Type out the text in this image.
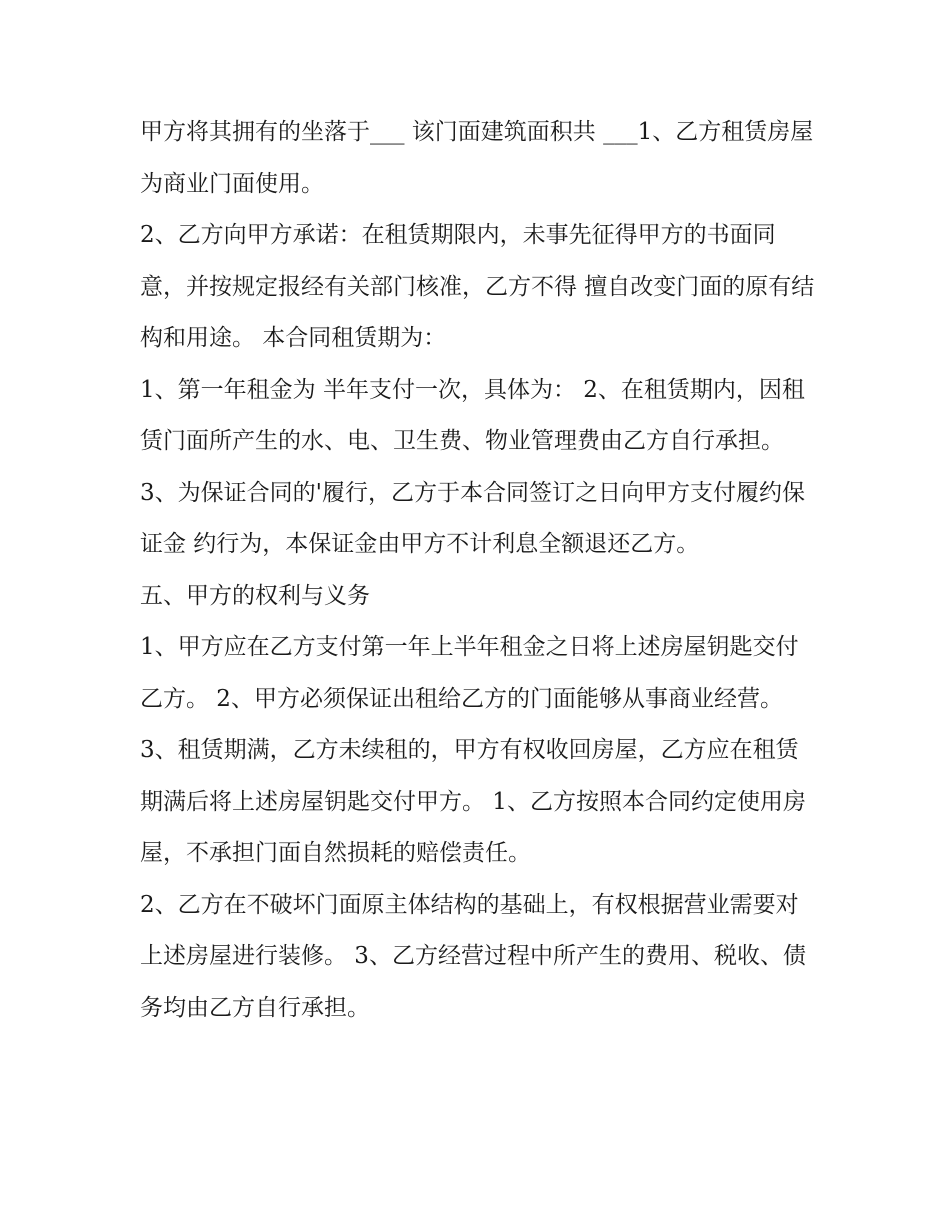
甲方将其拥有的坐落于___ 该门面建筑面积共 ___1、乙方租赁房屋为商业门面使用。

2、乙方向甲方承诺：在租赁期限内，未事先征得甲方的书面同意，并按规定报经有关部门核准，乙方不得 擅自改变门面的原有结构和用途。 本合同租赁期为：

1、第一年租金为 半年支付一次，具体为： 2、在租赁期内，因租赁门面所产生的水、电、卫生费、物业管理费由乙方自行承担。

3、为保证合同的'履行，乙方于本合同签订之日向甲方支付履约保证金 约行为，本保证金由甲方不计利息全额退还乙方。

五、甲方的权利与义务

1、甲方应在乙方支付第一年上半年租金之日将上述房屋钥匙交付乙方。 2、甲方必须保证出租给乙方的门面能够从事商业经营。

3、租赁期满，乙方未续租的，甲方有权收回房屋，乙方应在租赁期满后将上述房屋钥匙交付甲方。 1、乙方按照本合同约定使用房屋，不承担门面自然损耗的赔偿责任。

2、乙方在不破坏门面原主体结构的基础上，有权根据营业需要对上述房屋进行装修。 3、乙方经营过程中所产生的费用、税收、债务均由乙方自行承担。
